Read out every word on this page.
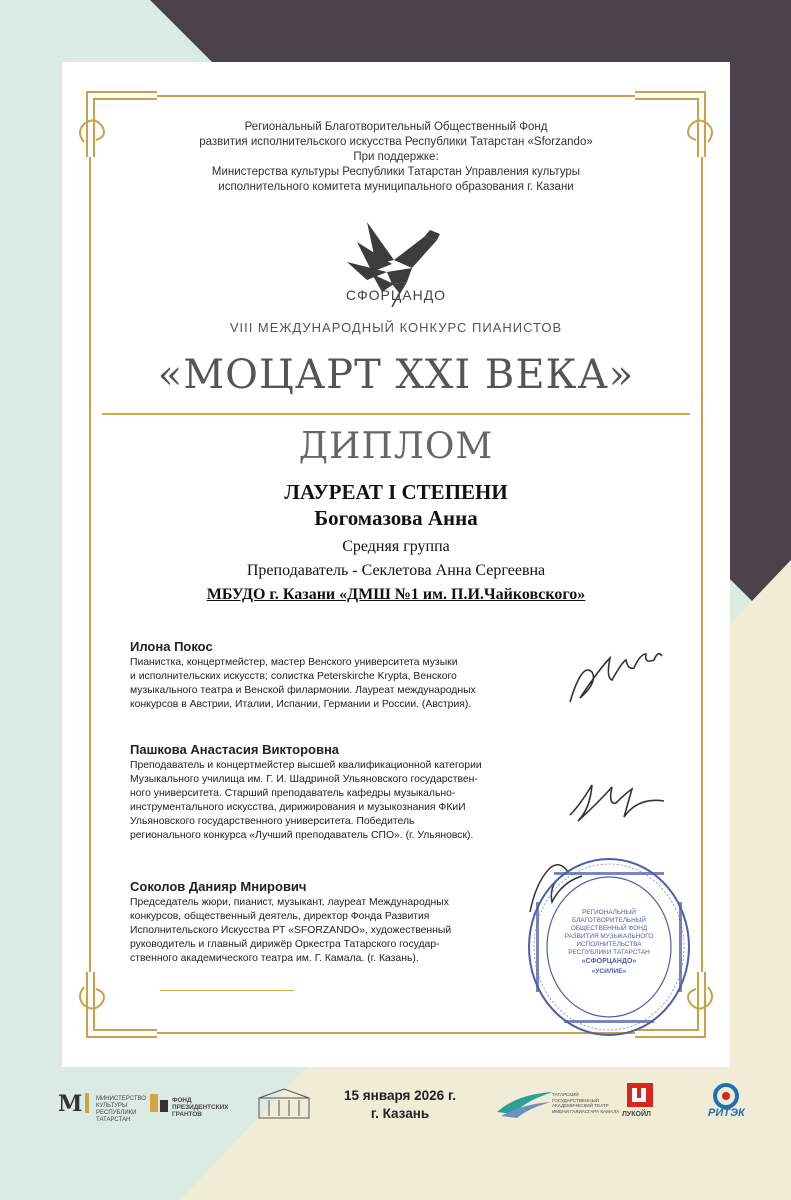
Региональный Благотворительный Общественный Фонд
развития исполнительского искусства Республики Татарстан «Sforzando»
При поддержке:
Министерства культуры Республики Татарстан Управления культуры
исполнительного комитета муниципального образования г. Казани
СФОРЦАНДО
VIII МЕЖДУНАРОДНЫЙ КОНКУРС ПИАНИСТОВ
«МОЦАРТ XXI ВЕКА»
ДИПЛОМ
ЛАУРЕАТ I СТЕПЕНИ
Богомазова Анна
Средняя группа
Преподаватель - Секлетова Анна Сергеевна
МБУДО г. Казани «ДМШ №1 им. П.И.Чайковского»
Илона Покос
Пианистка, концертмейстер, мастер Венского университета музыки
и исполнительских искусств; солистка Peterskirche Krypta, Венского
музыкального театра и Венской филармонии. Лауреат международных
конкурсов в Австрии, Италии, Испании, Германии и России. (Австрия).
Пашкова Анастасия Викторовна
Преподаватель и концертмейстер высшей квалификационной категории
Музыкального училища им. Г. И. Шадриной Ульяновского государствен-
ного университета. Старший преподаватель кафедры музыкально-
инструментального искусства, дирижирования и музыкознания ФКиИ
Ульяновского государственного университета. Победитель
регионального конкурса «Лучший преподаватель СПО». (г. Ульяновск).
Соколов Данияр Мнирович
Председатель жюри, пианист, музыкант, лауреат Международных
конкурсов, общественный деятель, директор Фонда Развития
Исполнительского Искусства РТ «SFORZANDO», художественный
руководитель и главный дирижёр Оркестра Татарского государ-
ственного академического театра им. Г. Камала. (г. Казань).
РЕГИОНАЛЬНЫЙ
БЛАГОТВОРИТЕЛЬНЫЙ
ОБЩЕСТВЕННЫЙ ФОНД
РАЗВИТИЯ МУЗЫКАЛЬНОГО
ИСПОЛНИТЕЛЬСТВА
РЕСПУБЛИКИ ТАТАРСТАН
«СФОРЦАНДО»
«УСИЛИЕ»
M МИНИСТЕРСТВО КУЛЬТУРЫ РЕСПУБЛИКИ ТАТАРСТАН
ФОНД ПРЕЗИДЕНТСКИХ ГРАНТОВ
ТАТАРСКИЙ ГОСУДАРСТВЕННЫЙ АКАДЕМИЧЕСКИЙ ТЕАТР ИМЕНИ ГАЛИАСГАРА КАМАЛА ЛУКОЙЛ	РИТЭК
15 января 2026 г.
г. Казань
